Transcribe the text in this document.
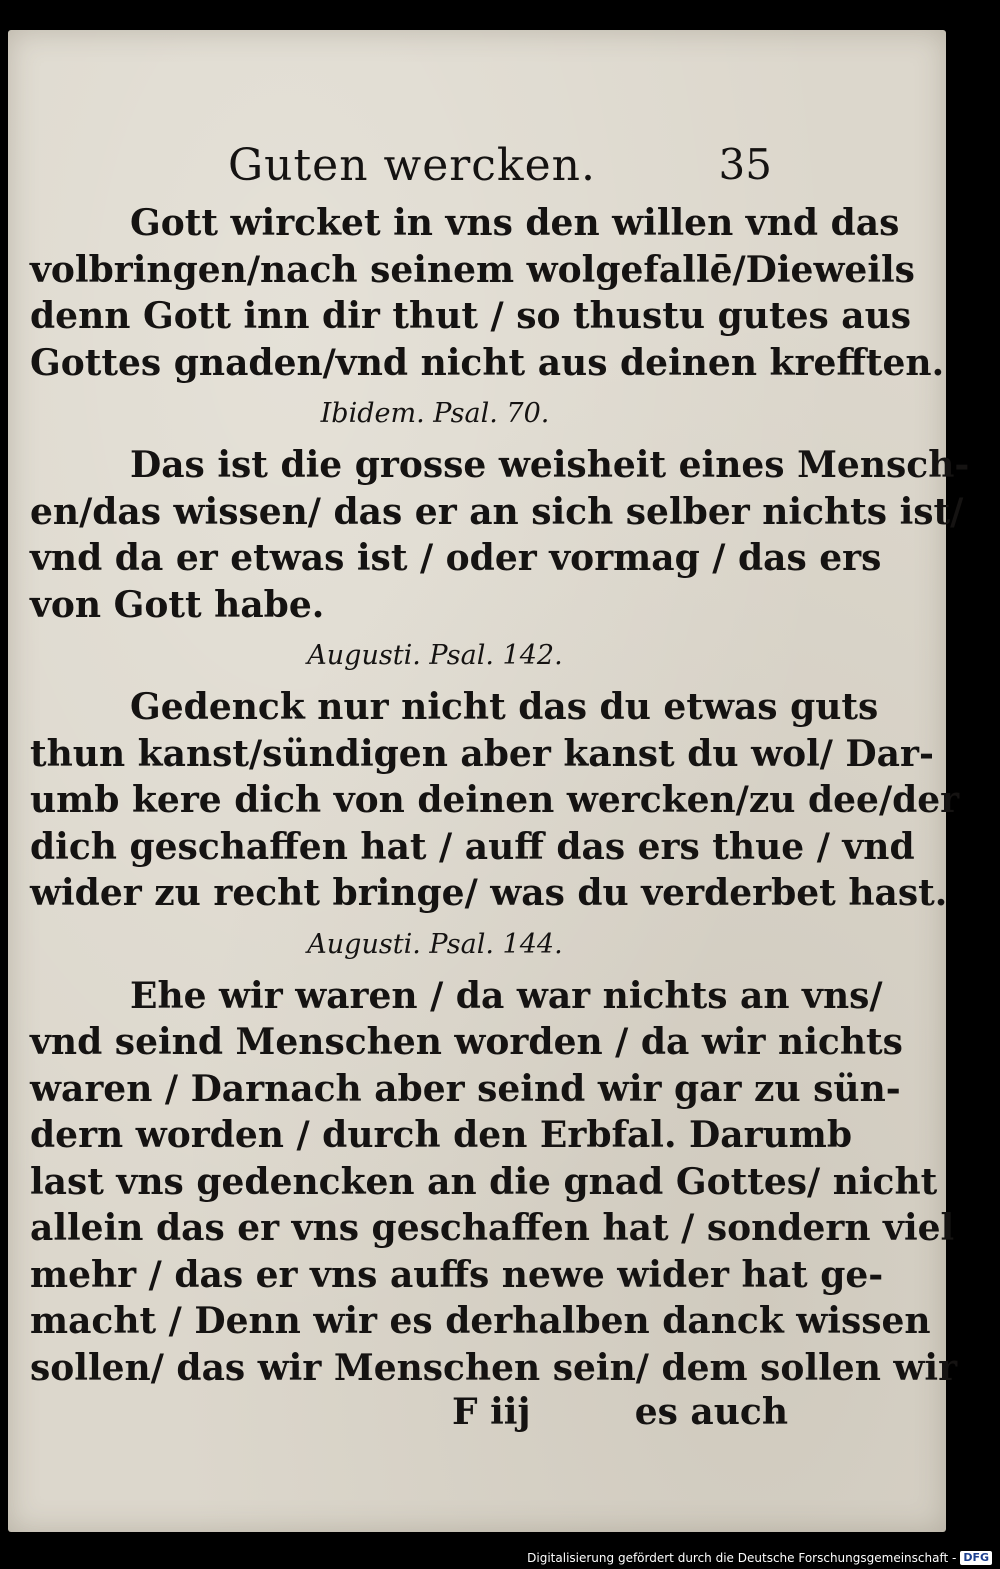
Guten wercken.	35
Gott wircket in vns den willen vnd das
volbringen/nach seinem wolgefallē/Dieweils
denn Gott inn dir thut / so thustu gutes aus
Gottes gnaden/vnd nicht aus deinen krefften.
Ibidem. Psal. 70.
Das ist die grosse weisheit eines Mensch-
en/das wissen/ das er an sich selber nichts ist/
vnd da er etwas ist / oder vormag / das ers
von Gott habe.
Augusti. Psal. 142.
Gedenck nur nicht das du etwas guts
thun kanst/sündigen aber kanst du wol/ Dar-
umb kere dich von deinen wercken/zu dee/der
dich geschaffen hat / auff das ers thue / vnd
wider zu recht bringe/ was du verderbet hast.
Augusti. Psal. 144.
Ehe wir waren / da war nichts an vns/
vnd seind Menschen worden / da wir nichts
waren / Darnach aber seind wir gar zu sün-
dern worden / durch den Erbfal. Darumb
last vns gedencken an die gnad Gottes/ nicht
allein das er vns geschaffen hat / sondern viel
mehr / das er vns auffs newe wider hat ge-
macht / Denn wir es derhalben danck wissen
sollen/ das wir Menschen sein/ dem sollen wir
F iij	es auch
Digitalisierung gefördert durch die Deutsche Forschungsgemeinschaft - DFG
